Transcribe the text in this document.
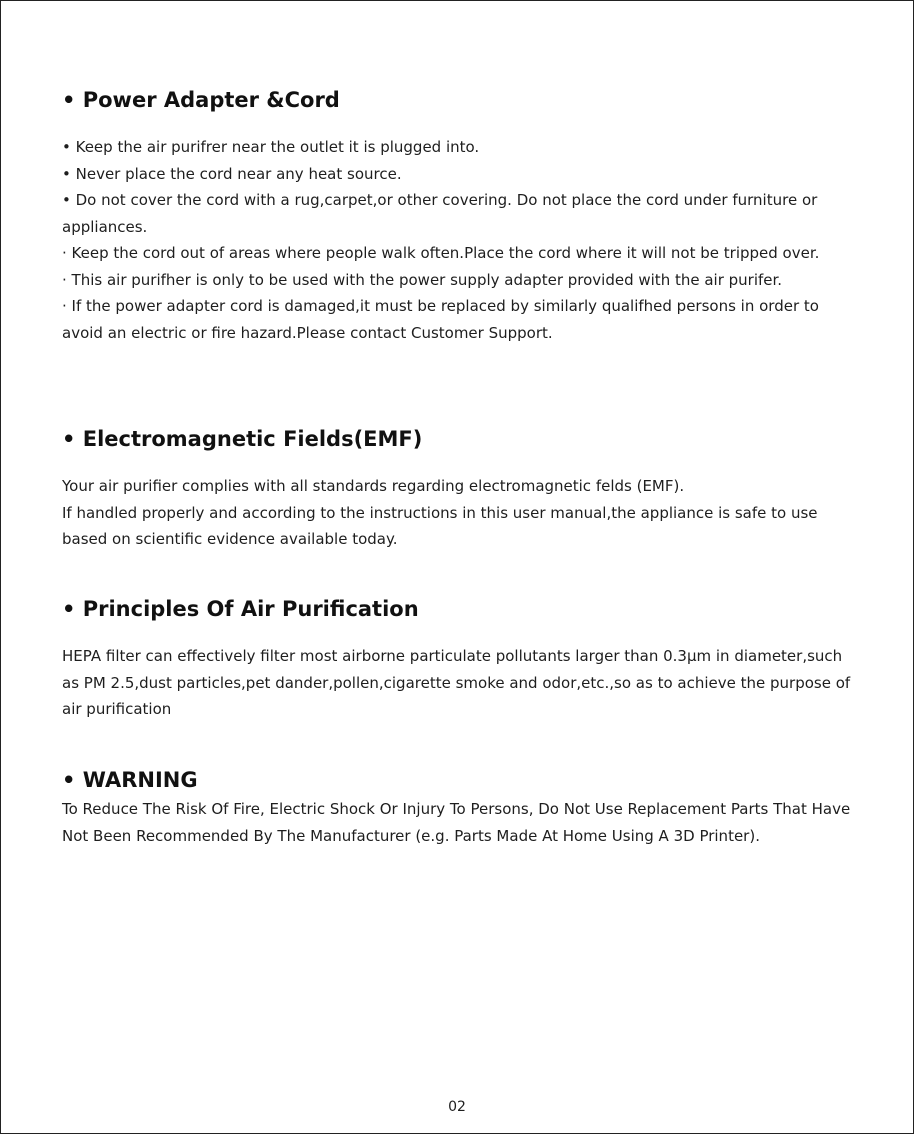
• Power Adapter &Cord

• Keep the air purifrer near the outlet it is plugged into.

• Never place the cord near any heat source.

• Do not cover the cord with a rug,carpet,or other covering. Do not place the cord under furniture or appliances.

· Keep the cord out of areas where people walk often.Place the cord where it will not be tripped over.

· This air purifher is only to be used with the power supply adapter provided with the air purifer.

· If the power adapter cord is damaged,it must be replaced by similarly qualifhed persons in order to avoid an electric or fire hazard.Please contact Customer Support.

• Electromagnetic Fields(EMF)

Your air purifier complies with all standards regarding electromagnetic felds (EMF).

If handled properly and according to the instructions in this user manual,the appliance is safe to use based on scientific evidence available today.

• Principles Of Air Purification

HEPA filter can effectively filter most airborne particulate pollutants larger than 0.3μm in diameter,such as PM 2.5,dust particles,pet dander,pollen,cigarette smoke and odor,etc.,so as to achieve the purpose of air purification

• WARNING

To Reduce The Risk Of Fire, Electric Shock Or Injury To Persons, Do Not Use Replacement Parts That Have Not Been Recommended By The Manufacturer (e.g. Parts Made At Home Using A 3D Printer).

02
